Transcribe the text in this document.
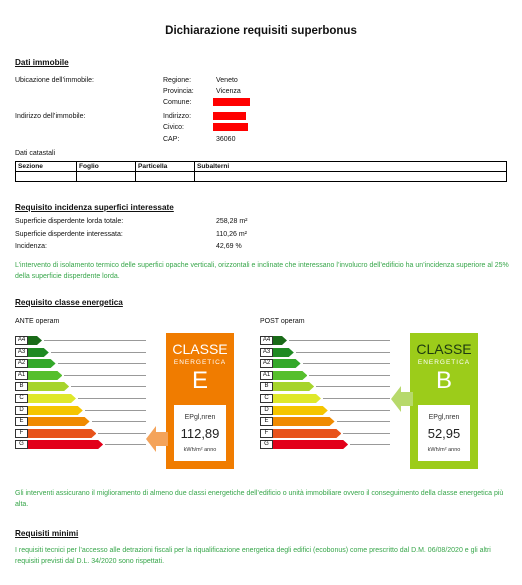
Dichiarazione requisiti superbonus
Dati immobile
Ubicazione dell’immobile:	Regione:	Veneto
Provincia:	Vicenza
Comune:
Indirizzo dell’immobile:	Indirizzo:
Civico:
CAP:	36060
Dati catastali
Sezione	Foglio	Particella	Subalterni

Requisito incidenza superfici interessate
Superficie disperdente lorda totale:	258,28 m²
Superficie disperdente interessata:	110,26 m²
Incidenza:	42,69 %
L’intervento di isolamento termico delle superfici opache verticali, orizzontali e inclinate che interessano l’involucro dell’edificio ha un’incidenza superiore al 25% della superficie disperdente lorda.
Requisito classe energetica
ANTE operam	POST operam
A4
A3
A2
A1
B
C
D
E
F
G
A4
A3
A2
A1
B
C
D
E
F
G
CLASSE
ENERGETICA
E
EPgl,nren
112,89
kWh/m² anno
CLASSE
ENERGETICA
B
EPgl,nren
52,95
kWh/m² anno
Gli interventi assicurano il miglioramento di almeno due classi energetiche dell’edificio o unità immobiliare ovvero il conseguimento della classe energetica più alta.
Requisiti minimi
I requisiti tecnici per l’accesso alle detrazioni fiscali per la riqualificazione energetica degli edifici (ecobonus) come prescritto dal D.M. 06/08/2020 e gli altri requisiti previsti dal D.L. 34/2020 sono rispettati.
